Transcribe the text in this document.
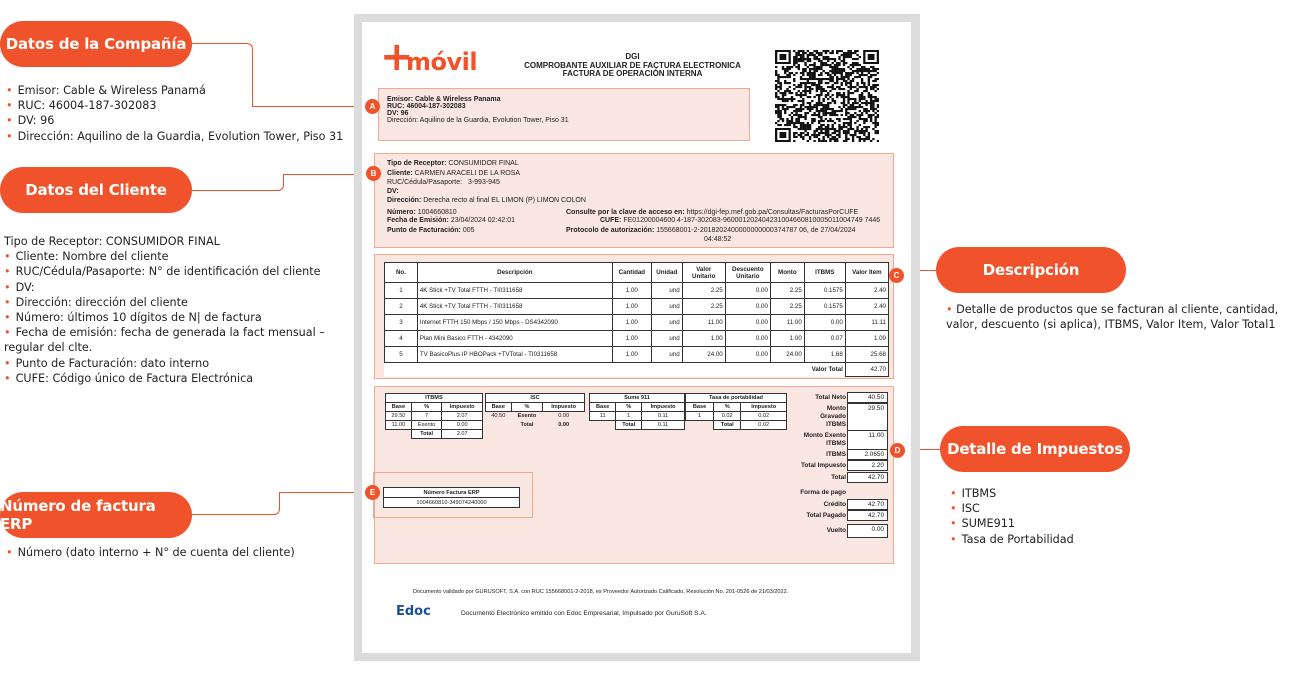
Datos de la Compañía
• Emisor: Cable & Wireless Panamá
• RUC: 46004-187-302083
• DV: 96
• Dirección: Aquilino de la Guardia, Evolution Tower, Piso 31
Datos del Cliente
Tipo de Receptor: CONSUMIDOR FINAL
• Cliente: Nombre del cliente
• RUC/Cédula/Pasaporte: N° de identificación del cliente
• DV:
• Dirección: dirección del cliente
• Número: últimos 10 dígitos de N| de factura
• Fecha de emisión: fecha de generada la fact mensual – regular del clte.
• Punto de Facturación: dato interno
• CUFE: Código único de Factura Electrónica
Número de factura ERP
• Número (dato interno + N° de cuenta del cliente)
Descripción
• Detalle de productos que se facturan al cliente, cantidad, valor, descuento (si aplica), ITBMS, Valor Item, Valor Total1
Detalle de Impuestos
• ITBMS
• ISC
• SUME911
• Tasa de Portabilidad
+
móvil	DGI
COMPROBANTE AUXILIAR DE FACTURA ELECTRONICA
FACTURA DE OPERACIÓN INTERNA
Emisor: Cable & Wireless Panama
RUC: 46004-187-302083
DV: 96
Dirección: Aquilino de la Guardia, Evolution Tower, Piso 31
A
Tipo de Receptor: CONSUMIDOR FINAL
Cliente: CARMEN ARACELI DE LA ROSA
RUC/Cédula/Pasaporte: 3-993-945
DV:
Dirección: Derecha recto al final EL LIMON (P) LIMON COLON
Número: 1004660810
Fecha de Emisión: 23/04/2024 02:42:01
Punto de Facturación: 005
Consulte por la clave de acceso en: https://dgi-fep.mef.gob.pa/Consultas/FacturasPorCUFE
CUFE: FE01200004600 4-187-302083-960001202404231004660810005011004749 7446
Protocolo de autorización: 155668001-2-2018202400000000000374787 06, de 27/04/2024
04:48:52
B
No.	Descripción	Cantidad	Unidad	Valor Unitario	Descuento Unitario	Monto	ITBMS	Valor Item
1	4K Stick +TV Total FTTH - TI0311658	1.00	und	2.25	0.00	2.25	0.1575	2.40
2	4K Stick +TV Total FTTH - TI0311658	1.00	und	2.25	0.00	2.25	0.1575	2.40
3	Internet FTTH 150 Mbps / 150 Mbps - DS4342090	1.00	und	11.00	0.00	11.00	0.00	11.11
4	Plan Mini Basico FTTH - 4342090	1.00	und	1.00	0.00	1.00	0.07	1.09
5	TV BasicoPlus IP HBOPack +TVTotal - TI0311658	1.00	und	24.00	0.00	24.00	1.68	25.68
							Valor Total	42.70
C
ITBMS		
Base	%	Impuesto
29.50	7	2.07
11.00	Exento	0.00
	Total	2.07
ISC		
Base	%	Impuesto
40.50	Exento	0.00
	Total	0.00
Sume 911		
Base	%	Impuesto
11	1	0.11
	Total	0.11
Tasa de portabilidad		
Base	%	Impuesto
1	0.02	0.02
	Total	0.02
Total Neto	40.50
Monto Gravado ITBMS
29.50
Monto Exento ITBMS
11.00
ITBMS	2.0650
Total Impuesto	2.20
Total	42.70
Forma de pago
Crédito	42.70
Total Pagado	42.70
Vuelto	0.00
D
Número Factura ERP
1004660810-349074240000
E
Documento validado por GURUSOFT, S.A. con RUC 155668001-2-2018, es Proveedor Autorizado Calificado, Resolución No. 201-0526 de 21/03/2022.
Edoc	Documento Electrónico emitido con Edoc Empresarial, Impulsado por GuruSoft S.A.
